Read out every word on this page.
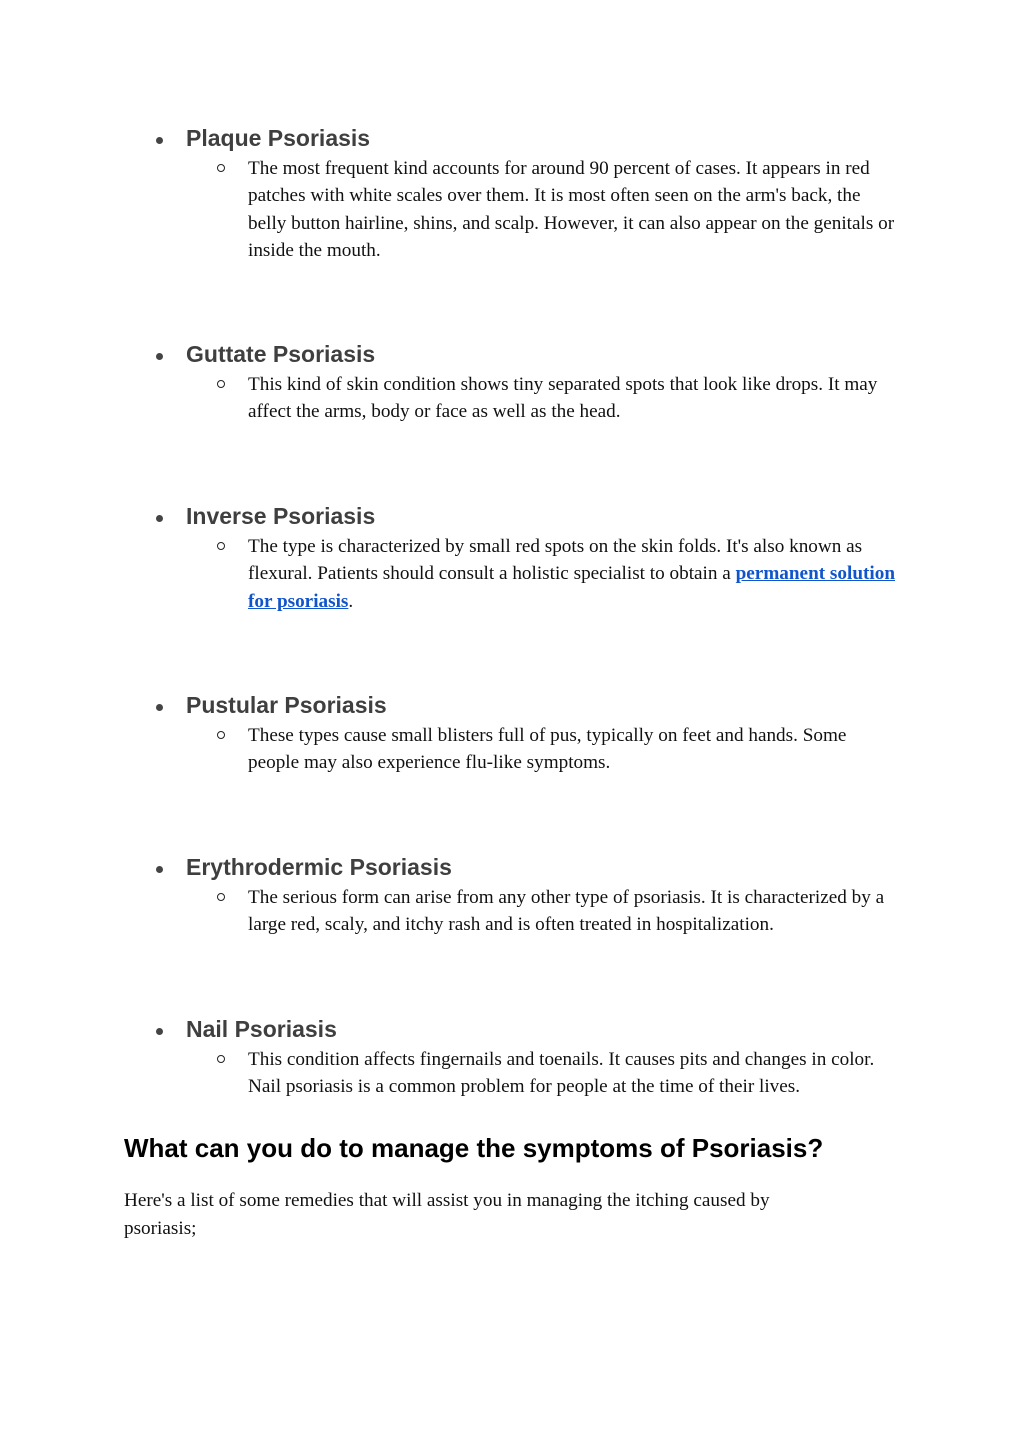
Plaque Psoriasis

The most frequent kind accounts for around 90 percent of cases. It appears in red patches with white scales over them. It is most often seen on the arm's back, the belly button hairline, shins, and scalp. However, it can also appear on the genitals or inside the mouth.

Guttate Psoriasis

This kind of skin condition shows tiny separated spots that look like drops. It may affect the arms, body or face as well as the head.

Inverse Psoriasis

The type is characterized by small red spots on the skin folds. It's also known as flexural. Patients should consult a holistic specialist to obtain a permanent solution for psoriasis.

Pustular Psoriasis

These types cause small blisters full of pus, typically on feet and hands. Some people may also experience flu-like symptoms.

Erythrodermic Psoriasis

The serious form can arise from any other type of psoriasis. It is characterized by a large red, scaly, and itchy rash and is often treated in hospitalization.

Nail Psoriasis

This condition affects fingernails and toenails. It causes pits and changes in color. Nail psoriasis is a common problem for people at the time of their lives.

What can you do to manage the symptoms of Psoriasis?

Here's a list of some remedies that will assist you in managing the itching caused by psoriasis;
